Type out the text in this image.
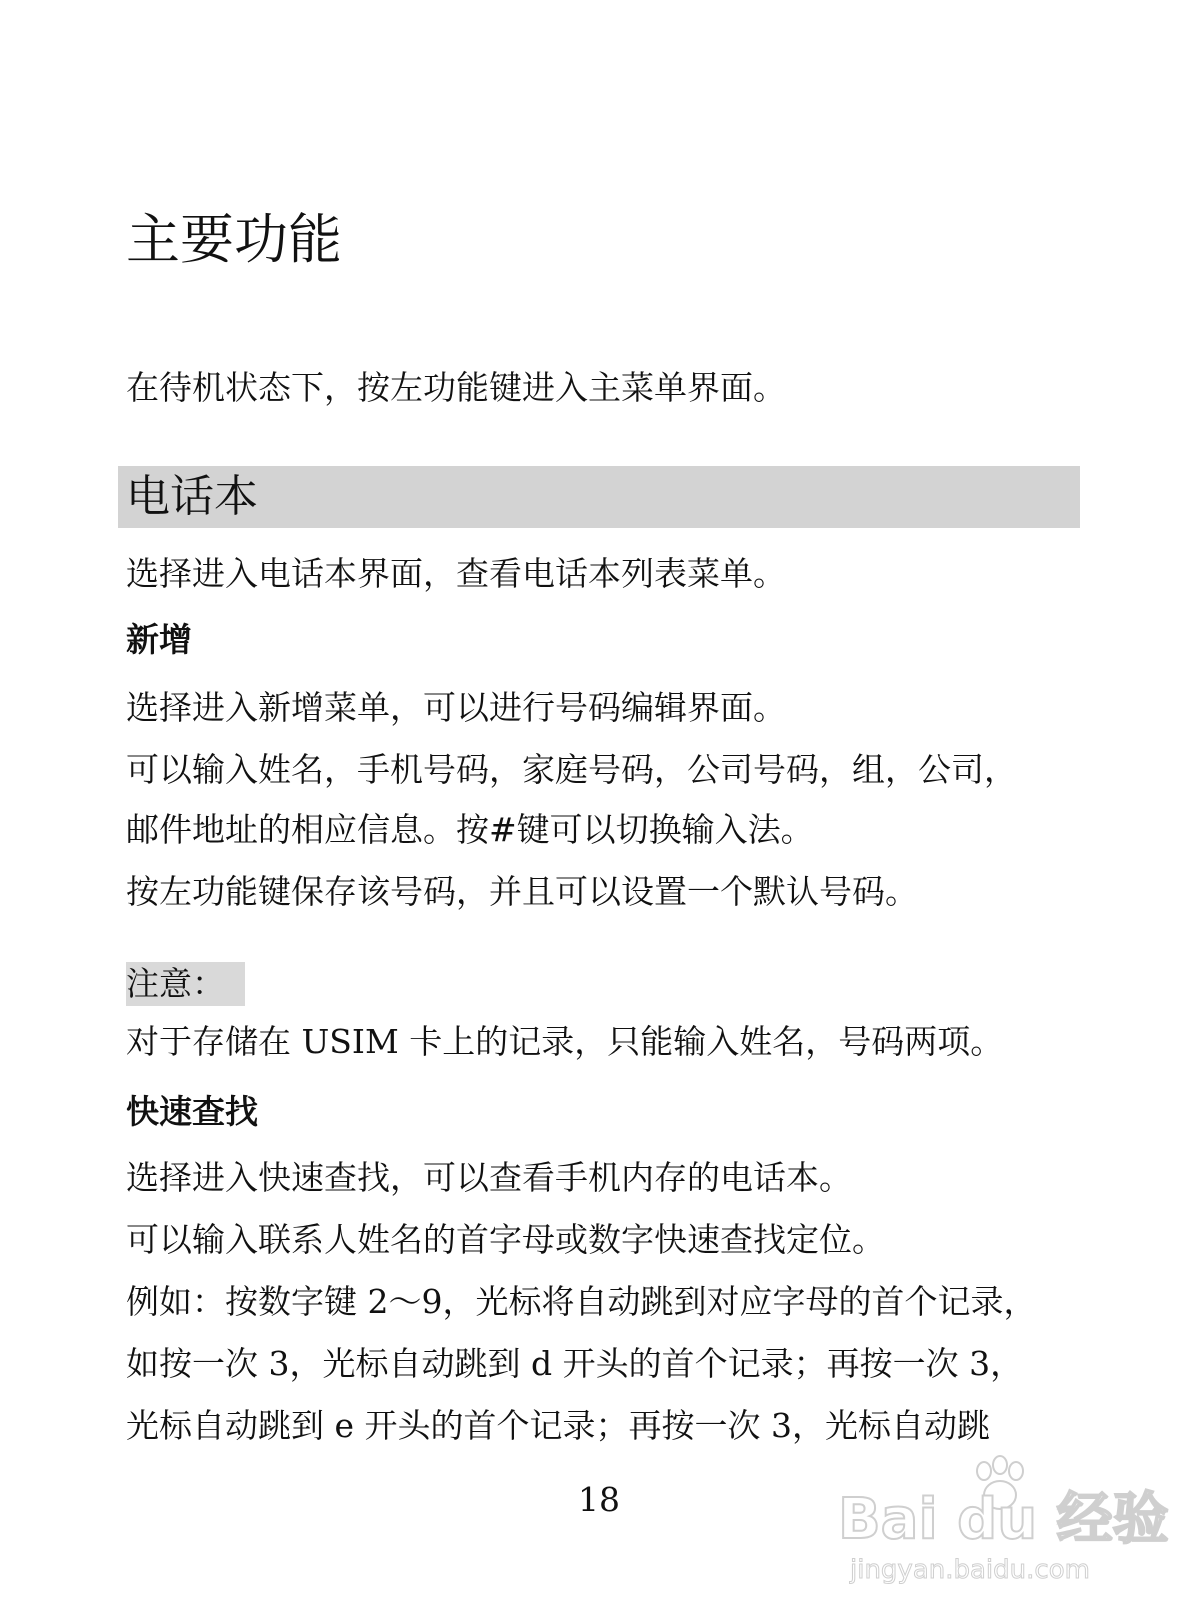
主要功能
在待机状态下，按左功能键进入主菜单界面。
电话本
选择进入电话本界面，查看电话本列表菜单。
新增
选择进入新增菜单，可以进行号码编辑界面。
可以输入姓名，手机号码，家庭号码，公司号码，组，公司，
邮件地址的相应信息。按#键可以切换输入法。
按左功能键保存该号码，并且可以设置一个默认号码。
注意：
对于存储在 USIM 卡上的记录，只能输入姓名，号码两项。
快速查找
选择进入快速查找，可以查看手机内存的电话本。
可以输入联系人姓名的首字母或数字快速查找定位。
例如：按数字键 2～9，光标将自动跳到对应字母的首个记录，
如按一次 3，光标自动跳到 d 开头的首个记录；再按一次 3，
光标自动跳到 e 开头的首个记录；再按一次 3，光标自动跳
18	Bai du 经验
jingyan.baidu.com
